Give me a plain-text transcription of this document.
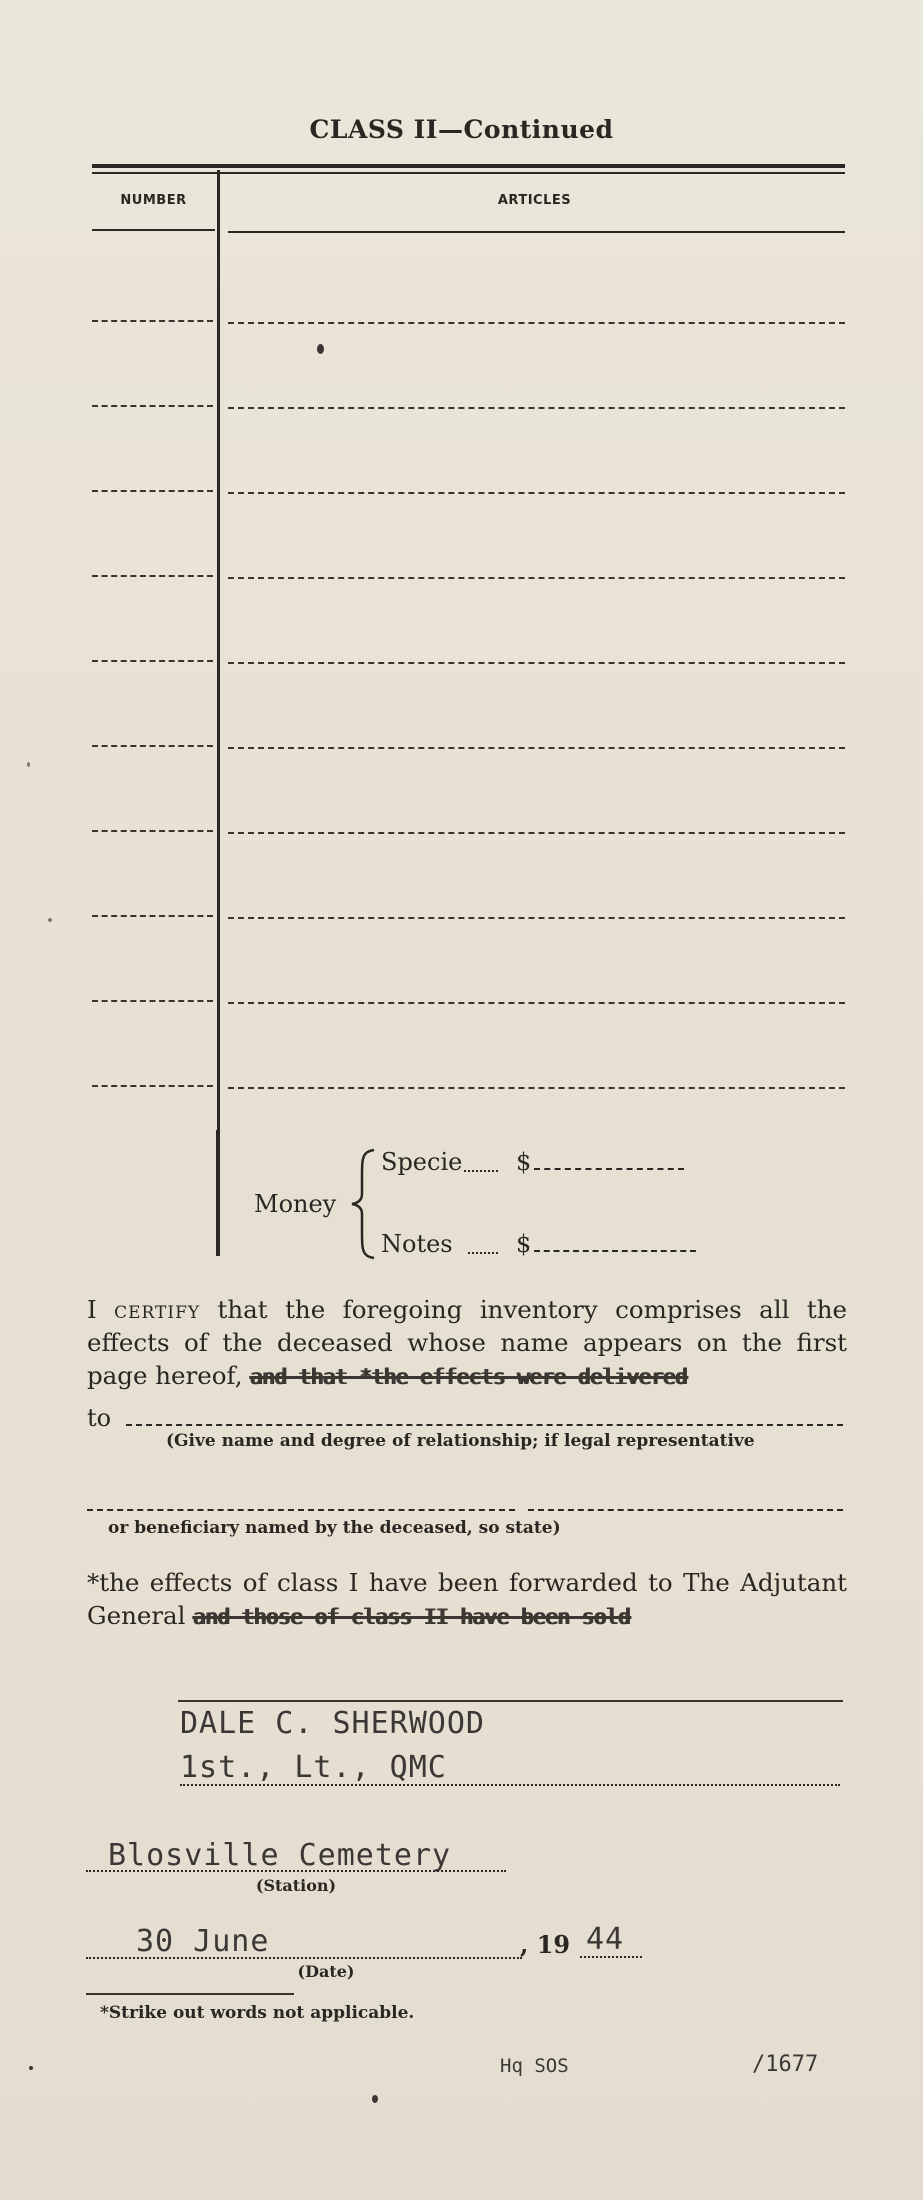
CLASS II—Continued
NUMBER	ARTICLES
Money
Specie $
Notes	$
I certify that the foregoing inventory comprises all the effects of the deceased whose name appears on the first page hereof, and that *the effects were delivered
to
(Give name and degree of relationship; if legal representative
or beneficiary named by the deceased, so state)
*the effects of class I have been forwarded to The Adjutant General and those of class II have been sold
DALE C. SHERWOOD
1st., Lt., QMC
Blosville Cemetery
(Station)
30 June	, 19 44
(Date)
*Strike out words not applicable.
Hq SOS	/1677
